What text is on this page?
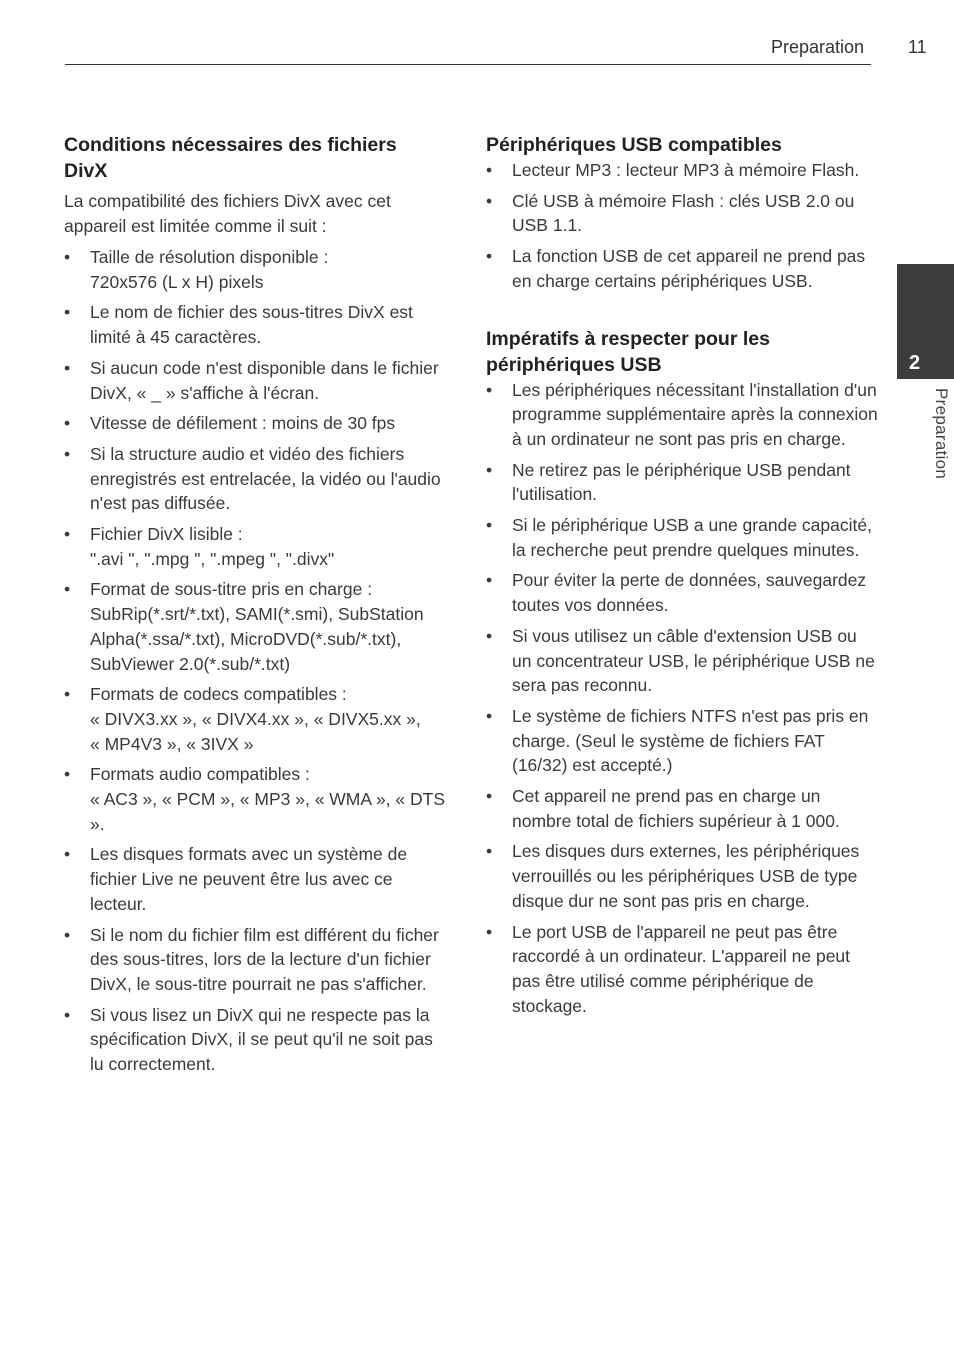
Preparation 11
2
Preparation
Conditions nécessaires des fichiers DivX

La compatibilité des fichiers DivX avec cet appareil est limitée comme il suit :

• Taille de résolution disponible :
720x576 (L x H) pixels
• Le nom de fichier des sous-titres DivX est limité à 45 caractères.
• Si aucun code n'est disponible dans le fichier DivX, « _ » s'affiche à l'écran.
• Vitesse de défilement : moins de 30 fps
• Si la structure audio et vidéo des fichiers enregistrés est entrelacée, la vidéo ou l'audio n'est pas diffusée.
• Fichier DivX lisible :
".avi ", ".mpg ", ".mpeg ", ".divx"
• Format de sous-titre pris en charge :
SubRip(*.srt/*.txt), SAMI(*.smi), SubStation Alpha(*.ssa/*.txt), MicroDVD(*.sub/*.txt), SubViewer 2.0(*.sub/*.txt)
• Formats de codecs compatibles :
« DIVX3.xx », « DIVX4.xx », « DIVX5.xx »,
« MP4V3 », « 3IVX »
• Formats audio compatibles :
« AC3 », « PCM », « MP3 », « WMA », « DTS ».
• Les disques formats avec un système de fichier Live ne peuvent être lus avec ce lecteur.
• Si le nom du fichier film est différent du ficher des sous-titres, lors de la lecture d'un fichier DivX, le sous-titre pourrait ne pas s'afficher.
• Si vous lisez un DivX qui ne respecte pas la spécification DivX, il se peut qu'il ne soit pas lu correctement.
Périphériques USB compatibles
• Lecteur MP3 : lecteur MP3 à mémoire Flash.
• Clé USB à mémoire Flash : clés USB 2.0 ou USB 1.1.
• La fonction USB de cet appareil ne prend pas en charge certains périphériques USB.
Impératifs à respecter pour les périphériques USB
• Les périphériques nécessitant l'installation d'un programme supplémentaire après la connexion à un ordinateur ne sont pas pris en charge.
• Ne retirez pas le périphérique USB pendant l'utilisation.
• Si le périphérique USB a une grande capacité, la recherche peut prendre quelques minutes.
• Pour éviter la perte de données, sauvegardez toutes vos données.
• Si vous utilisez un câble d'extension USB ou un concentrateur USB, le périphérique USB ne sera pas reconnu.
• Le système de fichiers NTFS n'est pas pris en charge. (Seul le système de fichiers FAT (16/32) est accepté.)
• Cet appareil ne prend pas en charge un nombre total de fichiers supérieur à 1 000.
• Les disques durs externes, les périphériques verrouillés ou les périphériques USB de type disque dur ne sont pas pris en charge.
• Le port USB de l'appareil ne peut pas être raccordé à un ordinateur. L'appareil ne peut pas être utilisé comme périphérique de stockage.
